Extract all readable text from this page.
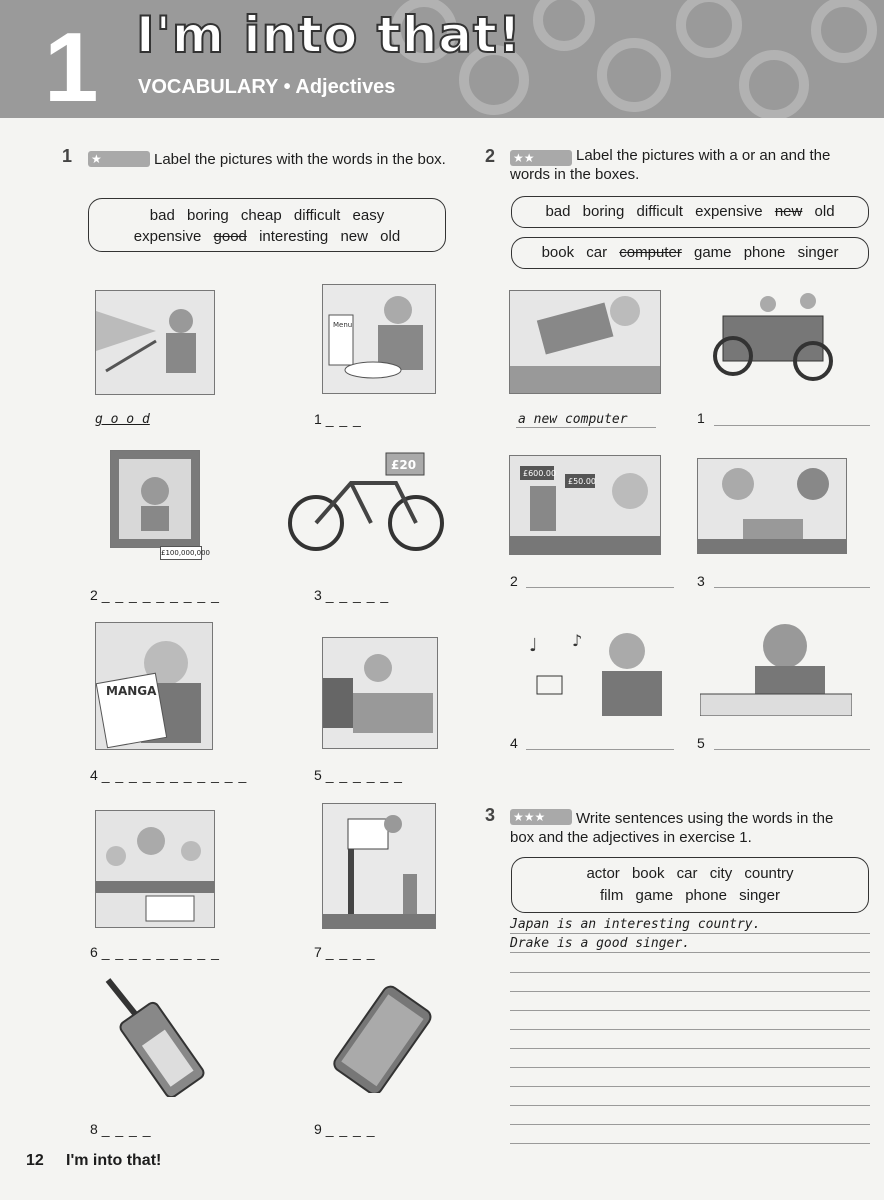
1 I'm into that!
VOCABULARY • Adjectives
1 ★	Label the pictures with the words in the box.
bad boring cheap difficult easy
expensive good interesting new old
Menu
g o o d	1 _ _ _
£100,000,000
£20
2 _ _ _ _ _ _ _ _ _	3 _ _ _ _ _
MANGA
4 _ _ _ _ _ _ _ _ _ _ _	5 _ _ _ _ _ _
6 _ _ _ _ _ _ _ _ _	7 _ _ _ _
8 _ _ _ _	9 _ _ _ _
2 ★★	Label the pictures with a or an and the words in the boxes.
bad boring difficult expensive new old
book car computer game phone singer
a new computer	1
£600.00
£50.00
2	3
♩ ♪
4	5
3 ★★★	Write sentences using the words in the box and the adjectives in exercise 1.
actor book car city country
film game phone singer
Japan is an interesting country.
Drake is a good singer.
12 I'm into that!
